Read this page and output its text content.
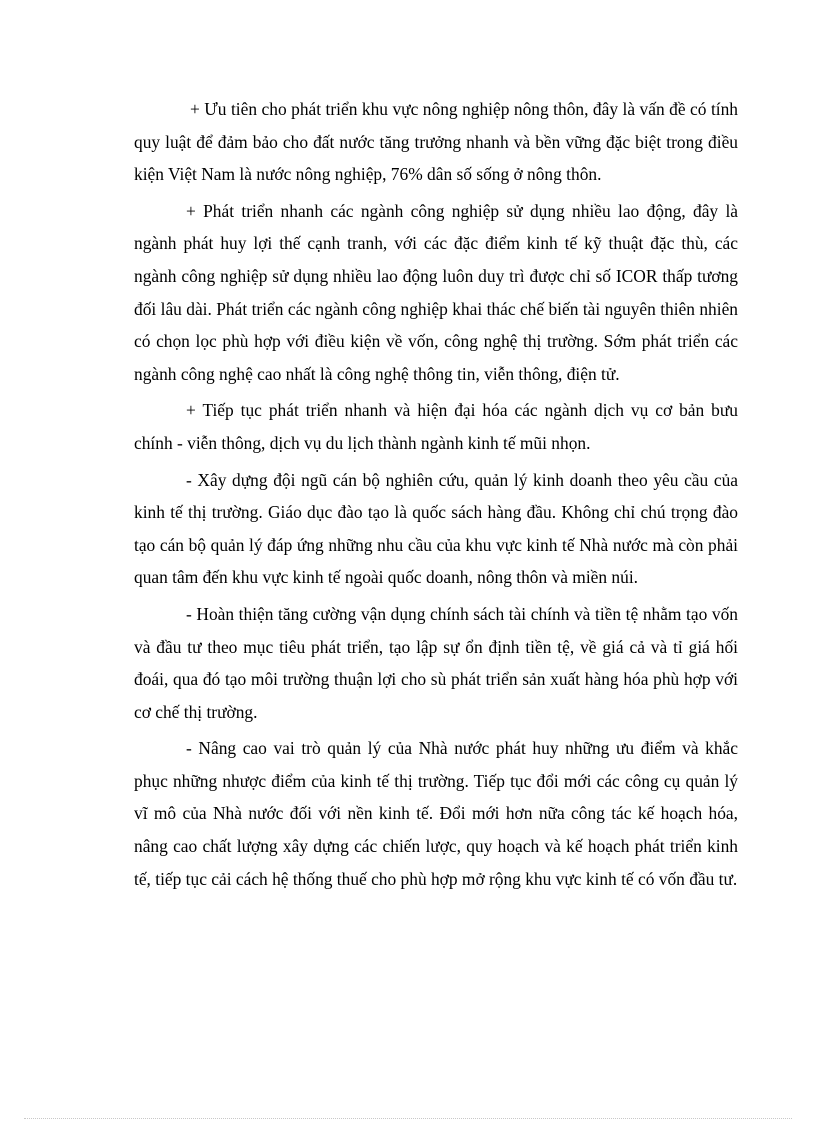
+ Ưu tiên cho phát triển khu vực nông nghiệp nông thôn, đây là vấn đề có tính quy luật để đảm bảo cho đất nước tăng trưởng nhanh và bền vững đặc biệt trong điều kiện Việt Nam là nước nông nghiệp, 76% dân số sống ở nông thôn.

+ Phát triển nhanh các ngành công nghiệp sử dụng nhiều lao động, đây là ngành phát huy lợi thế cạnh tranh, với các đặc điểm kinh tế kỹ thuật đặc thù, các ngành công nghiệp sử dụng nhiều lao động luôn duy trì được chỉ số ICOR thấp tương đối lâu dài. Phát triển các ngành công nghiệp khai thác chế biến tài nguyên thiên nhiên có chọn lọc phù hợp với điều kiện về vốn, công nghệ thị trường. Sớm phát triển các ngành công nghệ cao nhất là công nghệ thông tin, viễn thông, điện tử.

+ Tiếp tục phát triển nhanh và hiện đại hóa các ngành dịch vụ cơ bản bưu chính - viễn thông, dịch vụ du lịch thành ngành kinh tế mũi nhọn.

- Xây dựng đội ngũ cán bộ nghiên cứu, quản lý kinh doanh theo yêu cầu của kinh tế thị trường. Giáo dục đào tạo là quốc sách hàng đầu. Không chỉ chú trọng đào tạo cán bộ quản lý đáp ứng những nhu cầu của khu vực kinh tế Nhà nước mà còn phải quan tâm đến khu vực kinh tế ngoài quốc doanh, nông thôn và miền núi.

- Hoàn thiện tăng cường vận dụng chính sách tài chính và tiền tệ nhằm tạo vốn và đầu tư theo mục tiêu phát triển, tạo lập sự ổn định tiền tệ, về giá cả và tỉ giá hối đoái, qua đó tạo môi trường thuận lợi cho sù phát triển sản xuất hàng hóa phù hợp với cơ chế thị trường.

- Nâng cao vai trò quản lý của Nhà nước phát huy những ưu điểm và khắc phục những nhược điểm của kinh tế thị trường. Tiếp tục đổi mới các công cụ quản lý vĩ mô của Nhà nước đối với nền kinh tế. Đổi mới hơn nữa công tác kế hoạch hóa, nâng cao chất lượng xây dựng các chiến lược, quy hoạch và kế hoạch phát triển kinh tế, tiếp tục cải cách hệ thống thuế cho phù hợp mở rộng khu vực kinh tế có vốn đầu tư.
